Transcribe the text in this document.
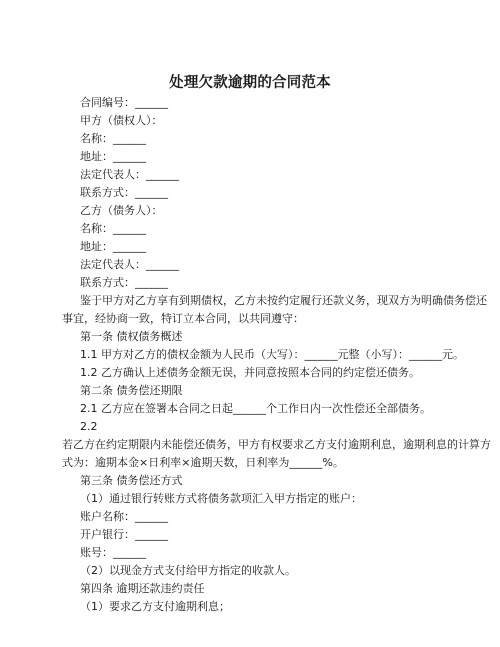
处理欠款逾期的合同范本
合同编号：______
甲方（债权人）：
名称：______
地址：______
法定代表人：______
联系方式：______
乙方（债务人）：
名称：______
地址：______
法定代表人：______
联系方式：______
鉴于甲方对乙方享有到期债权，乙方未按约定履行还款义务，现双方为明确债务偿还
事宜，经协商一致，特订立本合同，以共同遵守：
第一条 债权债务概述
1.1 甲方对乙方的债权金额为人民币（大写）：______元整（小写）：______元。
1.2 乙方确认上述债务金额无误，并同意按照本合同的约定偿还债务。
第二条 债务偿还期限
2.1 乙方应在签署本合同之日起______个工作日内一次性偿还全部债务。
2.2
若乙方在约定期限内未能偿还债务，甲方有权要求乙方支付逾期利息，逾期利息的计算方
式为：逾期本金×日利率×逾期天数，日利率为______%。
第三条 债务偿还方式
（1）通过银行转账方式将债务款项汇入甲方指定的账户：
账户名称：______
开户银行：______
账号：______
（2）以现金方式支付给甲方指定的收款人。
第四条 逾期还款违约责任
（1）要求乙方支付逾期利息；
